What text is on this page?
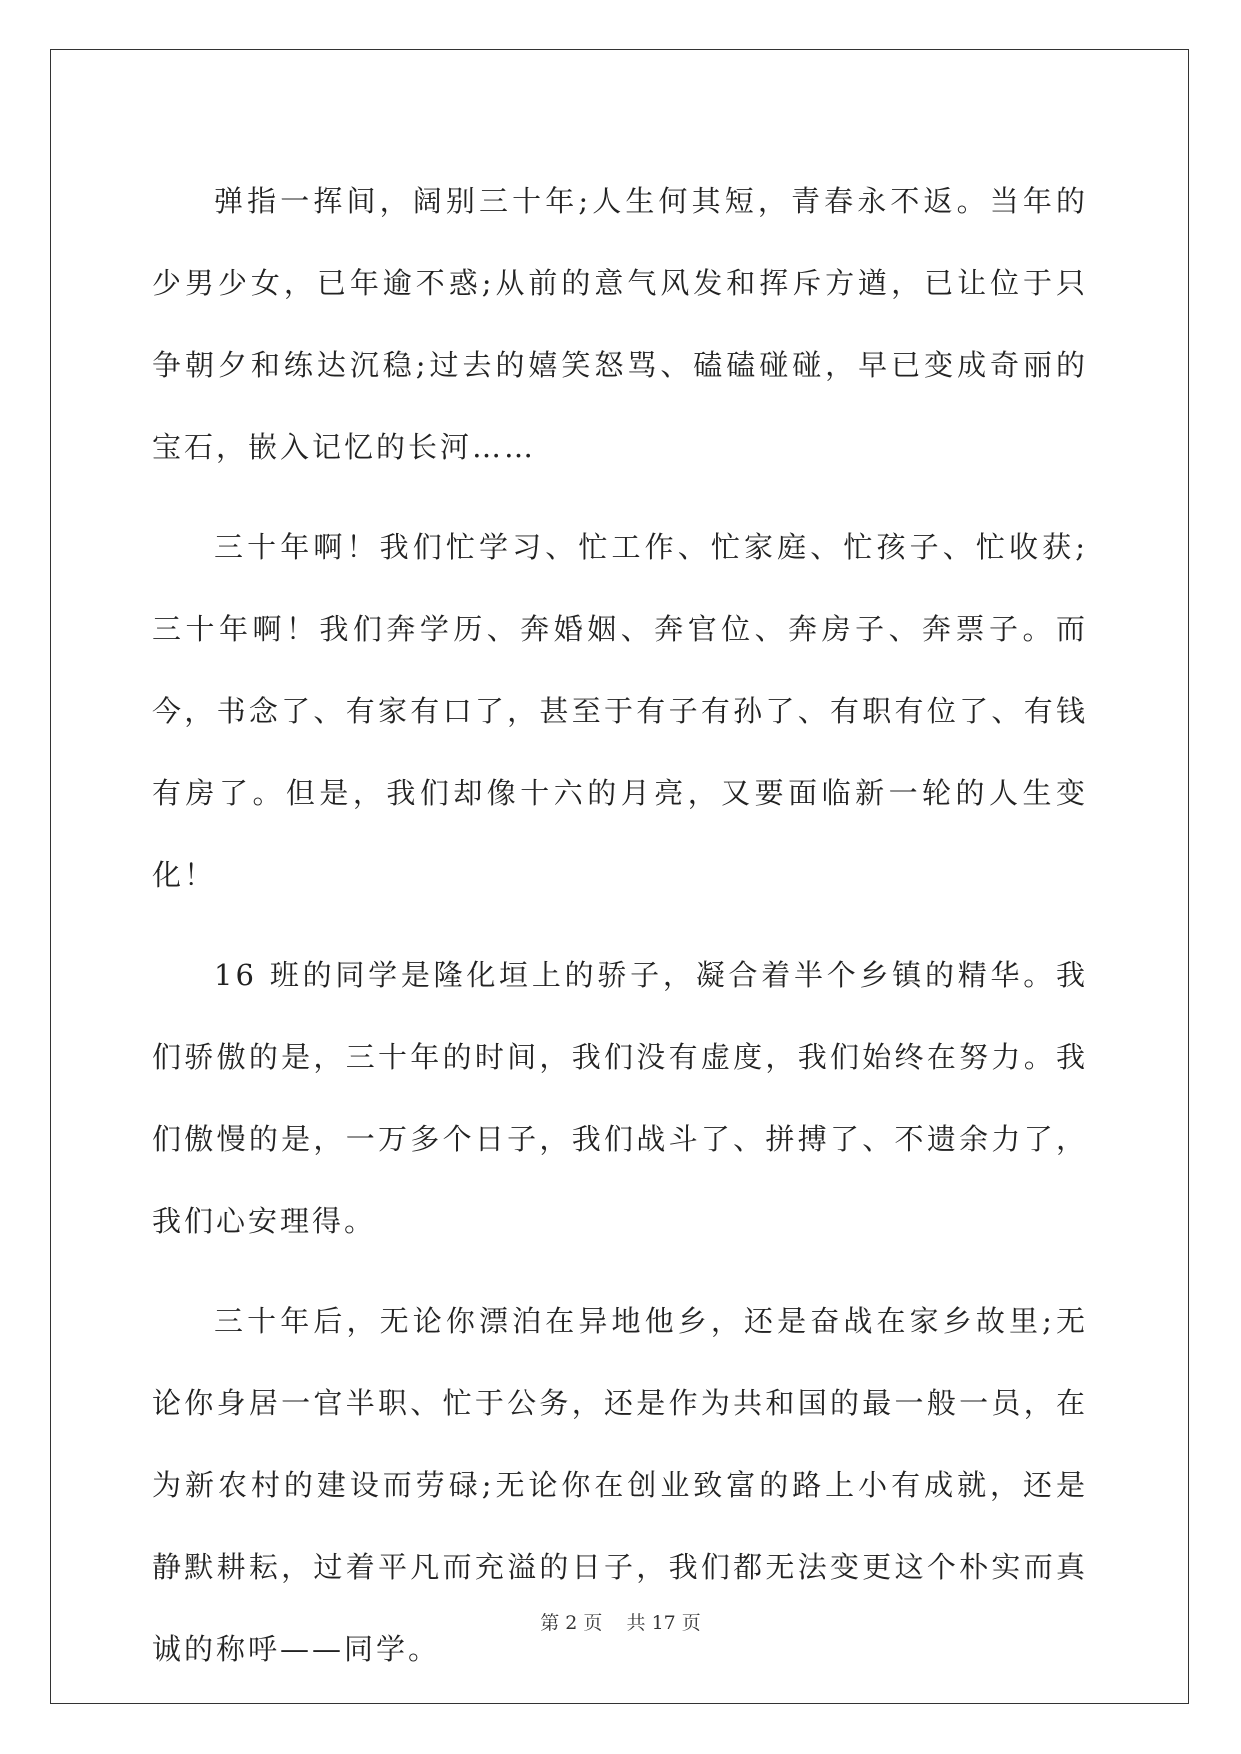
弹指一挥间，阔别三十年;人生何其短，青春永不返。当年的少男少女，已年逾不惑;从前的意气风发和挥斥方遒，已让位于只争朝夕和练达沉稳;过去的嬉笑怒骂、磕磕碰碰，早已变成奇丽的宝石，嵌入记忆的长河……

三十年啊！我们忙学习、忙工作、忙家庭、忙孩子、忙收获;三十年啊！我们奔学历、奔婚姻、奔官位、奔房子、奔票子。而今，书念了、有家有口了，甚至于有子有孙了、有职有位了、有钱有房了。但是，我们却像十六的月亮，又要面临新一轮的人生变化！

16 班的同学是隆化垣上的骄子，凝合着半个乡镇的精华。我们骄傲的是，三十年的时间，我们没有虚度，我们始终在努力。我们傲慢的是，一万多个日子，我们战斗了、拼搏了、不遗余力了，我们心安理得。

三十年后，无论你漂泊在异地他乡，还是奋战在家乡故里;无论你身居一官半职、忙于公务，还是作为共和国的最一般一员，在为新农村的建设而劳碌;无论你在创业致富的路上小有成就，还是静默耕耘，过着平凡而充溢的日子，我们都无法变更这个朴实而真诚的称呼——同学。

第 2 页 共 17 页
